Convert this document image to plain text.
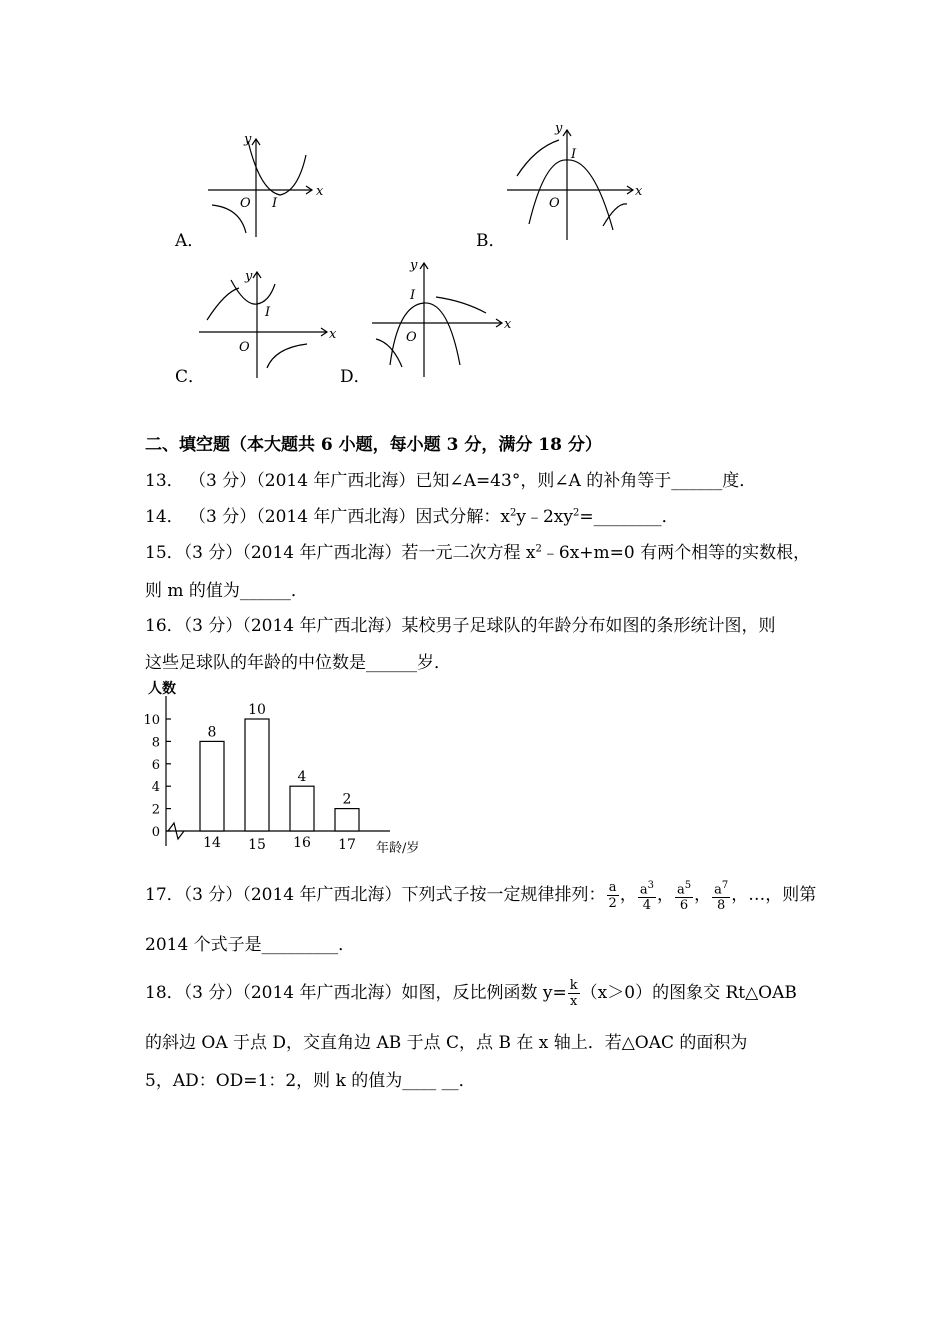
y
x
O I
A．
y
x
O
I
B．
y
x
O
I
C．
y
x
O
I
D．
二、填空题（本大题共 6 小题，每小题 3 分，满分 18 分）
13． （3 分）（2014 年广西北海）已知∠A=43°，则∠A 的补角等于______度．
14． （3 分）（2014 年广西北海）因式分解：$x^2y﹣2xy^2=\_\_\_\_\_\_\_\_$．
15．（3 分）（2014 年广西北海）若一元二次方程 $x^2﹣6x+m=0$ 有两个相等的实数根，
则 m 的值为______．
16．（3 分）（2014 年广西北海）某校男子足球队的年龄分布如图的条形统计图，则
这些足球队的年龄的中位数是______岁．
0
2
4
6
8
10
8
14
10
15
4
16
2
17
人数
年龄/岁
17．（3 分）（2014 年广西北海）下列式子按一定规律排列： $\frac{a}{2}$ ， $\frac{a^3}{4}$ ， $\frac{a^5}{6}$ ， $\frac{a^7}{8}$ ，…，则第
2014 个式子是_________．
18．（3 分）（2014 年广西北海）如图，反比例函数 $y= \frac{k}{x} (x>0)$的图象交 Rt△OAB
的斜边 OA 于点 D，交直角边 AB 于点 C，点 B 在 x 轴上．若△OAC 的面积为
5，AD：OD=1：2，则 k 的值为____ __．
